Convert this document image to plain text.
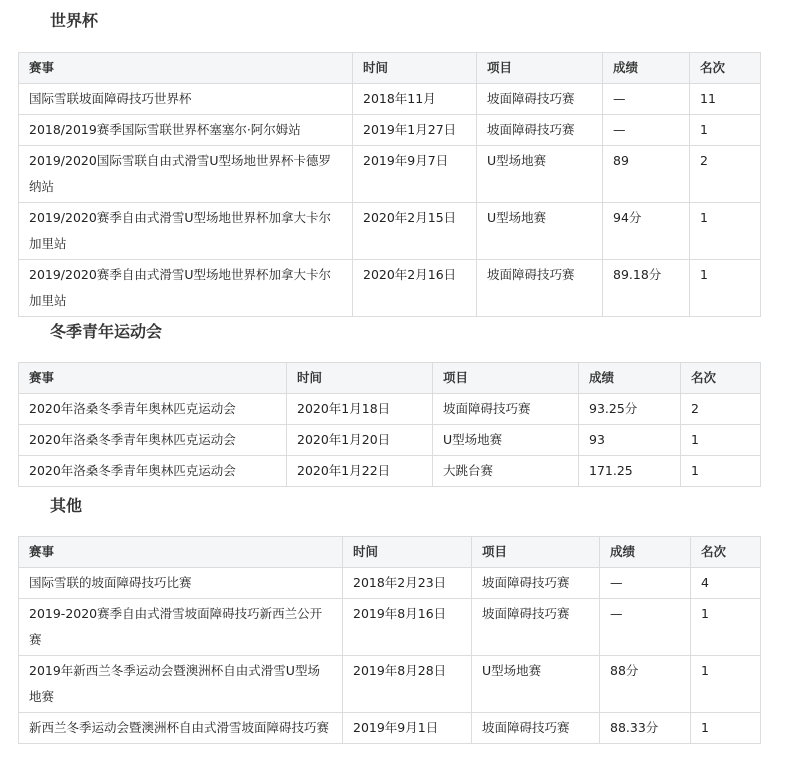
世界杯
赛事	时间	项目	成绩	名次
国际雪联坡面障碍技巧世界杯	2018年11月	坡面障碍技巧赛	—	11
2018/2019赛季国际雪联世界杯塞塞尔·阿尔姆站	2019年1月27日	坡面障碍技巧赛	—	1
2019/2020国际雪联自由式滑雪U型场地世界杯卡德罗纳站	2019年9月7日	U型场地赛	89	2
2019/2020赛季自由式滑雪U型场地世界杯加拿大卡尔加里站	2020年2月15日	U型场地赛	94分	1
2019/2020赛季自由式滑雪U型场地世界杯加拿大卡尔加里站	2020年2月16日	坡面障碍技巧赛	89.18分	1
冬季青年运动会
赛事	时间	项目	成绩	名次
2020年洛桑冬季青年奥林匹克运动会	2020年1月18日	坡面障碍技巧赛	93.25分	2
2020年洛桑冬季青年奥林匹克运动会	2020年1月20日	U型场地赛	93	1
2020年洛桑冬季青年奥林匹克运动会	2020年1月22日	大跳台赛	171.25	1
其他
赛事	时间	项目	成绩	名次
国际雪联的坡面障碍技巧比赛	2018年2月23日	坡面障碍技巧赛	—	4
2019-2020赛季自由式滑雪坡面障碍技巧新西兰公开赛	2019年8月16日	坡面障碍技巧赛	—	1
2019年新西兰冬季运动会暨澳洲杯自由式滑雪U型场地赛	2019年8月28日	U型场地赛	88分	1
新西兰冬季运动会暨澳洲杯自由式滑雪坡面障碍技巧赛	2019年9月1日	坡面障碍技巧赛	88.33分	1
